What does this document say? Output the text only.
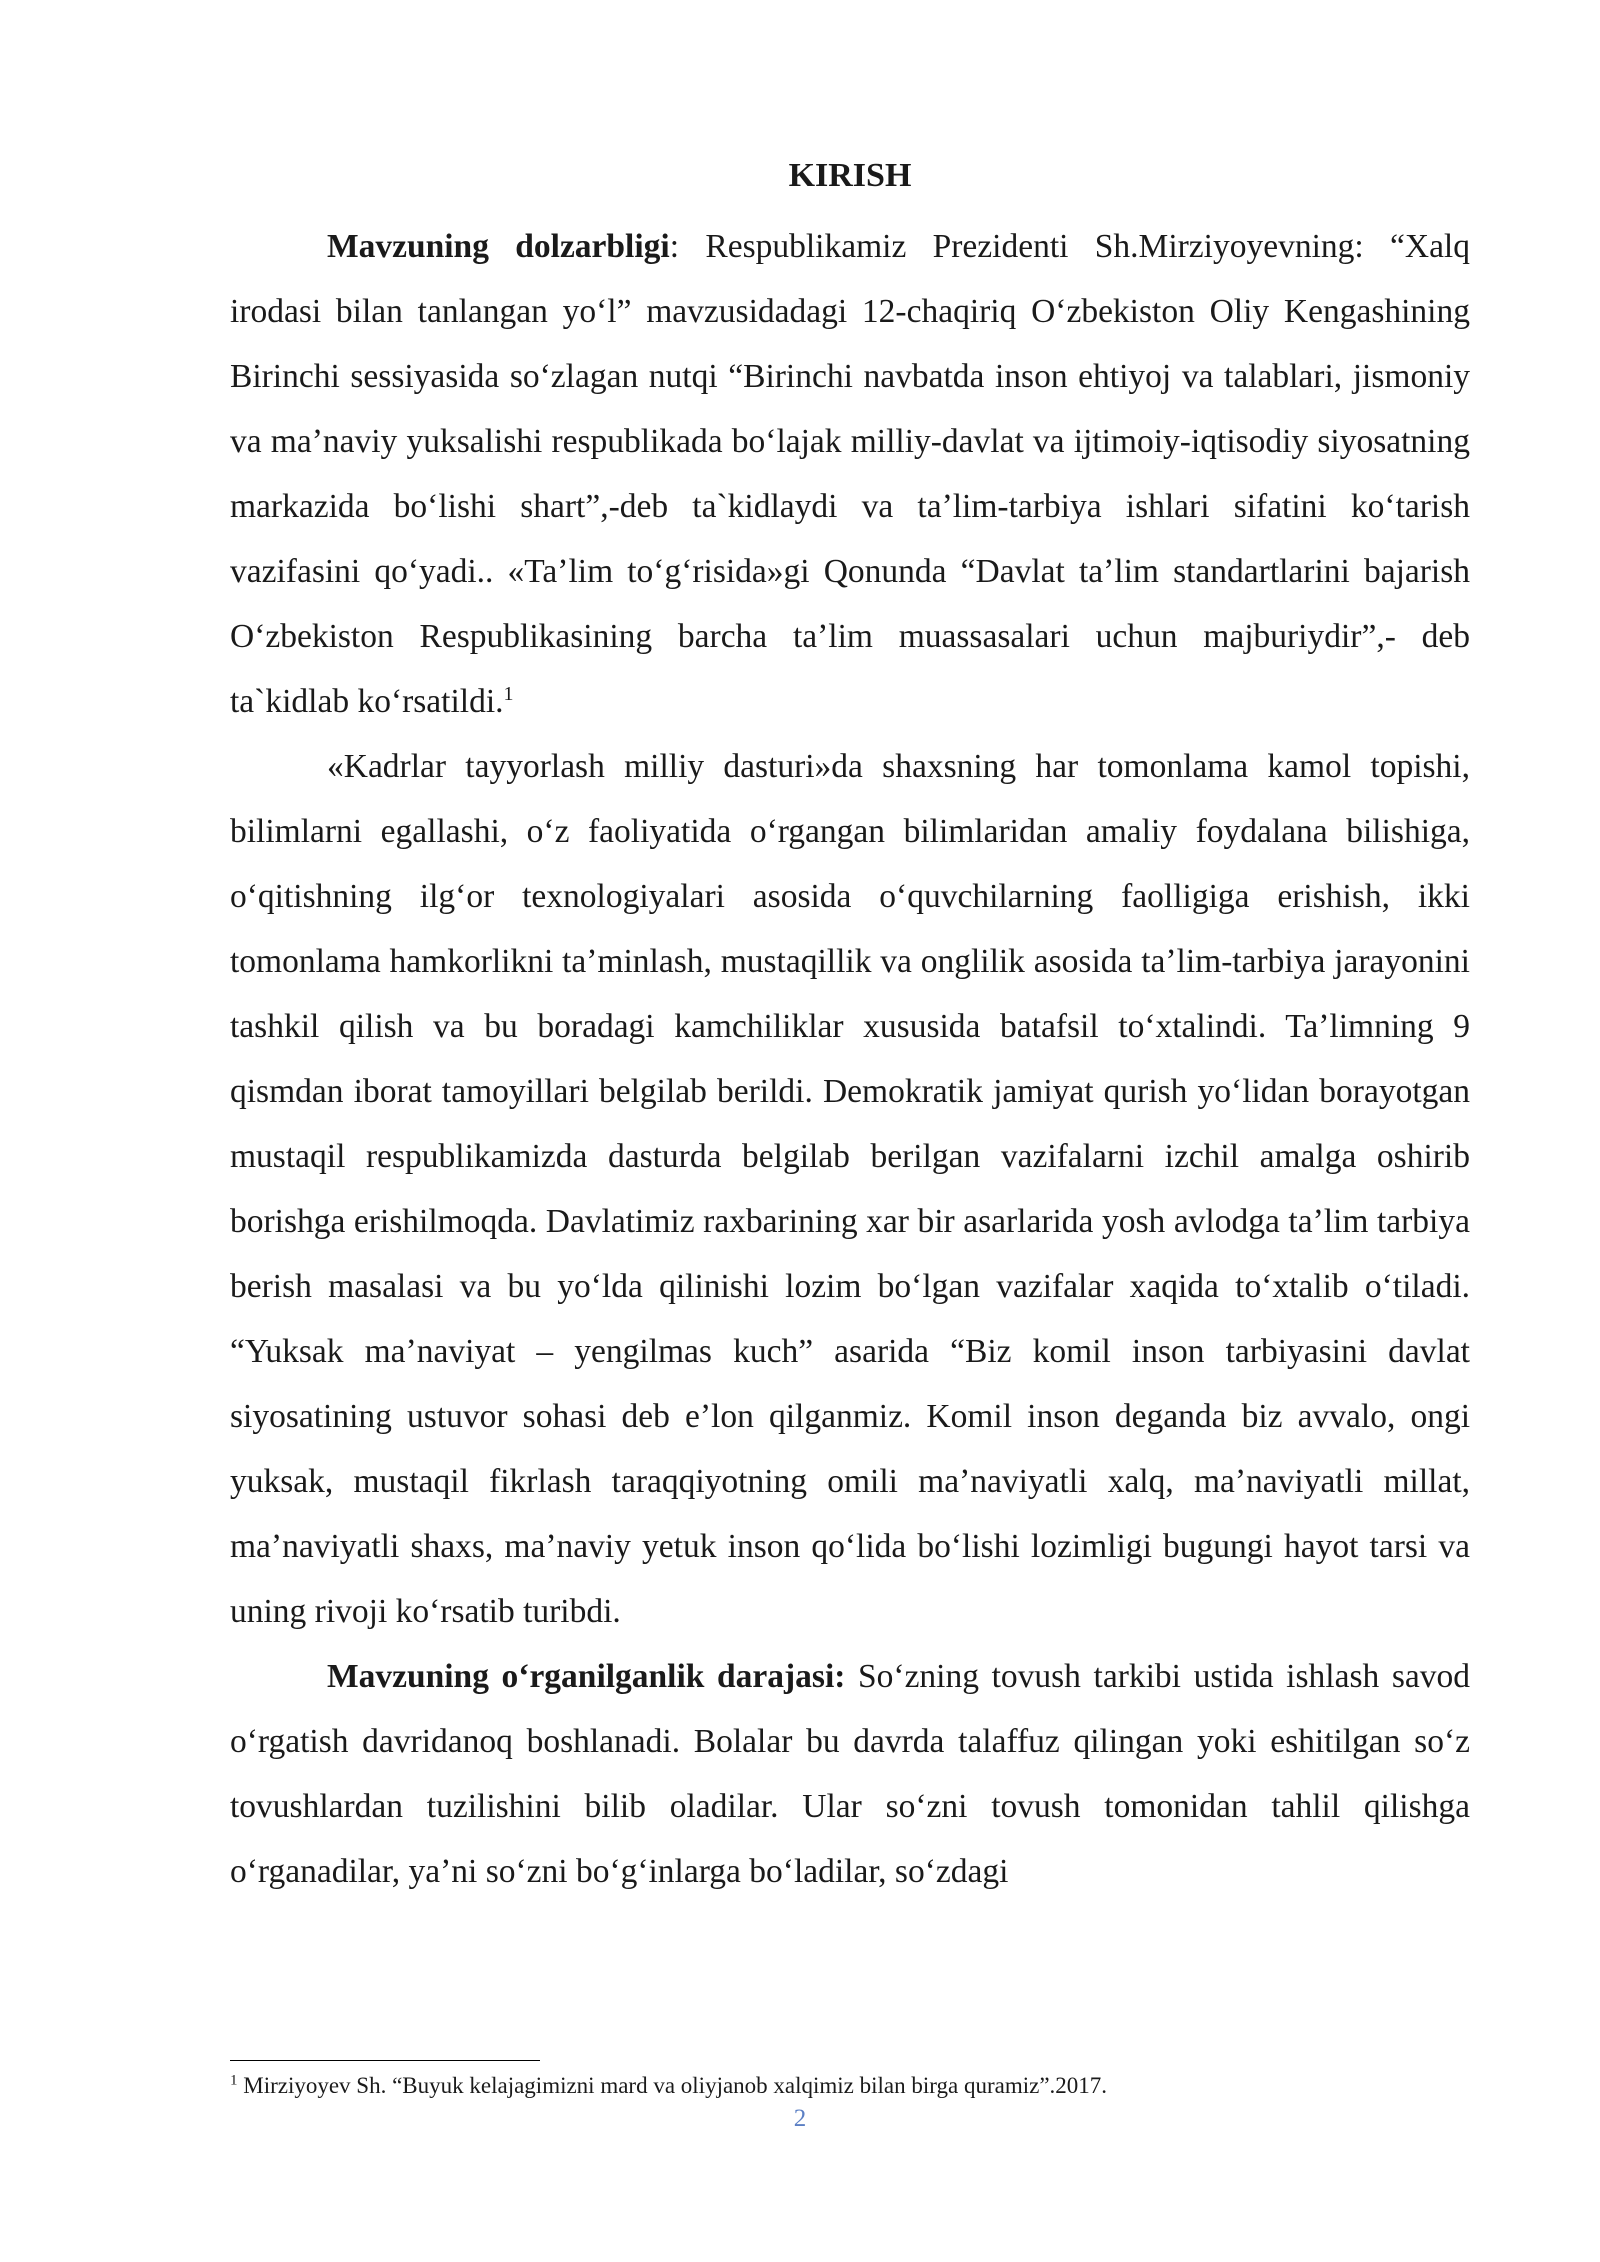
KIRISH

Mavzuning dolzarbligi: Respublikamiz Prezidenti Sh.Mirziyoyevning: “Xalq irodasi bilan tanlangan yoʻl” mavzusidadagi 12-chaqiriq Oʻzbekiston Oliy Kengashining Birinchi sessiyasida soʻzlagan nutqi “Birinchi navbatda inson ehtiyoj va talablari, jismoniy va maʼnaviy yuksalishi respublikada boʻlajak milliy-davlat va ijtimoiy-iqtisodiy siyosatning markazida boʻlishi shart”,-deb ta`kidlaydi va taʼlim-tarbiya ishlari sifatini koʻtarish vazifasini qoʻyadi.. «Taʼlim toʻgʻrisida»gi Qonunda “Davlat taʼlim standartlarini bajarish Oʻzbekiston Respublikasining barcha taʼlim muassasalari uchun majburiydir”,- deb ta`kidlab koʻrsatildi.$^1$

«Kadrlar tayyorlash milliy dasturi»da shaxsning har tomonlama kamol topishi, bilimlarni egallashi, oʻz faoliyatida oʻrgangan bilimlaridan amaliy foydalana bilishiga, oʻqitishning ilgʻor texnologiyalari asosida oʻquvchilarning faolligiga erishish, ikki tomonlama hamkorlikni taʼminlash, mustaqillik va onglilik asosida taʼlim-tarbiya jarayonini tashkil qilish va bu boradagi kamchiliklar xususida batafsil toʻxtalindi. Taʼlimning 9 qismdan iborat tamoyillari belgilab berildi. Demokratik jamiyat qurish yoʻlidan borayotgan mustaqil respublikamizda dasturda belgilab berilgan vazifalarni izchil amalga oshirib borishga erishilmoqda. Davlatimiz raxbarining xar bir asarlarida yosh avlodga taʼlim tarbiya berish masalasi va bu yoʻlda qilinishi lozim boʻlgan vazifalar xaqida toʻxtalib oʻtiladi. “Yuksak maʼnaviyat – yengilmas kuch” asarida “Biz komil inson tarbiyasini davlat siyosatining ustuvor sohasi deb eʼlon qilganmiz. Komil inson deganda biz avvalo, ongi yuksak, mustaqil fikrlash taraqqiyotning omili maʼnaviyatli xalq, maʼnaviyatli millat, maʼnaviyatli shaxs, maʼnaviy yetuk inson qoʻlida boʻlishi lozimligi bugungi hayot tarsi va uning rivoji koʻrsatib turibdi.

Mavzuning oʻrganilganlik darajasi: Soʻzning tovush tarkibi ustida ishlash savod oʻrgatish davridanoq boshlanadi. Bolalar bu davrda talaffuz qilingan yoki eshitilgan soʻz tovushlardan tuzilishini bilib oladilar. Ular soʻzni tovush tomonidan tahlil qilishga oʻrganadilar, yaʼni soʻzni boʻgʻinlarga boʻladilar, soʻzdagi

$^1$ Mirziyoyev Sh. “Buyuk kelajagimizni mard va oliyjanob xalqimiz bilan birga quramiz”.2017.
2
